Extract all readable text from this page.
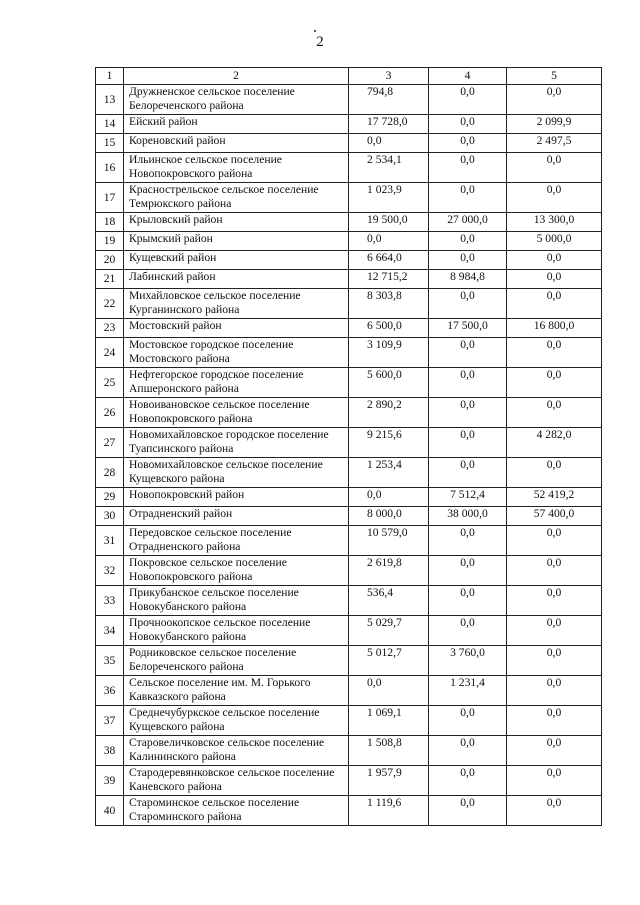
2
1	2	3	4	5
13	Дружненское сельское поселение Белореченского района	794,8	0,0	0,0
14	Ейский район	17 728,0	0,0	2 099,9
15	Кореновский район	0,0	0,0	2 497,5
16	Ильинское сельское поселение Новопокровского района	2 534,1	0,0	0,0
17	Краснострельское сельское поселение Темрюкского района	1 023,9	0,0	0,0
18	Крыловский район	19 500,0	27 000,0	13 300,0
19	Крымский район	0,0	0,0	5 000,0
20	Кущевский район	6 664,0	0,0	0,0
21	Лабинский район	12 715,2	8 984,8	0,0
22	Михайловское сельское поселение Курганинского района	8 303,8	0,0	0,0
23	Мостовский район	6 500,0	17 500,0	16 800,0
24	Мостовское городское поселение Мостовского района	3 109,9	0,0	0,0
25	Нефтегорское городское поселение Апшеронского района	5 600,0	0,0	0,0
26	Новоивановское сельское поселение Новопокровского района	2 890,2	0,0	0,0
27	Новомихайловское городское поселение Туапсинского района	9 215,6	0,0	4 282,0
28	Новомихайловское сельское поселение Кущевского района	1 253,4	0,0	0,0
29	Новопокровский район	0,0	7 512,4	52 419,2
30	Отрадненский район	8 000,0	38 000,0	57 400,0
31	Передовское сельское поселение Отрадненского района	10 579,0	0,0	0,0
32	Покровское сельское поселение Новопокровского района	2 619,8	0,0	0,0
33	Прикубанское сельское поселение Новокубанского района	536,4	0,0	0,0
34	Прочноокопское сельское поселение Новокубанского района	5 029,7	0,0	0,0
35	Родниковское сельское поселение Белореченского района	5 012,7	3 760,0	0,0
36	Сельское поселение им. М. Горького Кавказского района	0,0	1 231,4	0,0
37	Среднечубуркское сельское поселение Кущевского района	1 069,1	0,0	0,0
38	Старовеличковское сельское поселение Калининского района	1 508,8	0,0	0,0
39	Стародеревянковское сельское поселение Каневского района	1 957,9	0,0	0,0
40	Староминское сельское поселение Староминского района	1 119,6	0,0	0,0
